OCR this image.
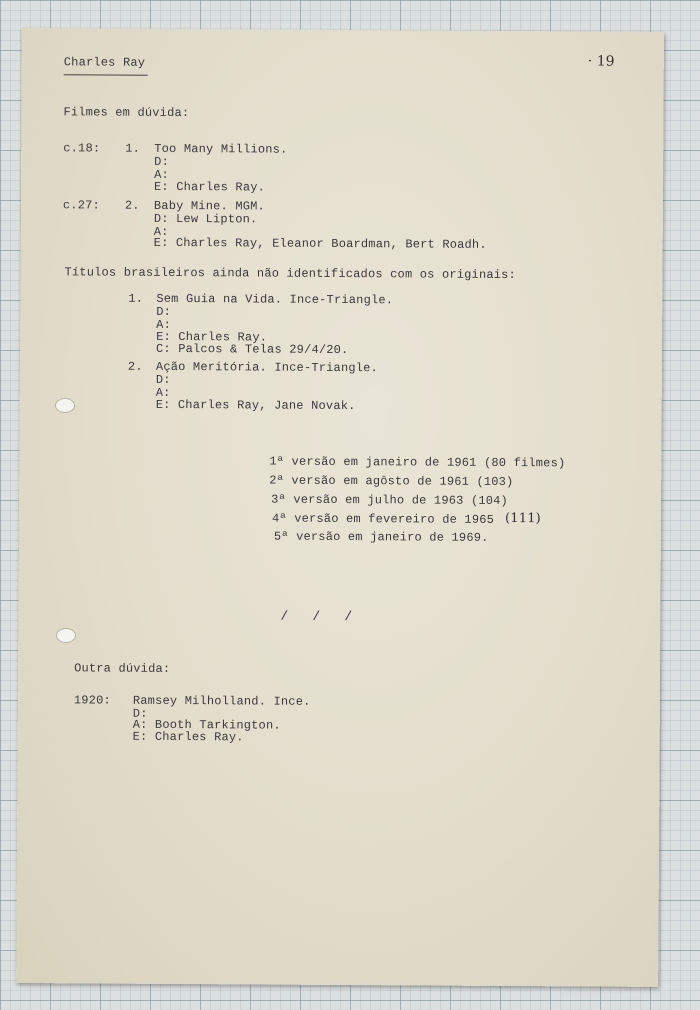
Charles Ray	· 19
Filmes em dúvida:
c.18: 1. Too Many Millions.
D:
A:
E: Charles Ray.
c.27: 2. Baby Mine. MGM.
D: Lew Lipton.
A:
E: Charles Ray, Eleanor Boardman, Bert Roadh.
Títulos brasileiros ainda não identificados com os originais:
1. Sem Guia na Vida. Ince-Triangle.
D:
A:
E: Charles Ray.
C: Palcos & Telas 29/4/20.
2. Ação Meritória. Ince-Triangle.
D:
A:
E: Charles Ray, Jane Novak.
1ª versão em janeiro de 1961 (80 filmes)
2ª versão em agôsto de 1961 (103)
3ª versão em julho de 1963 (104)
4ª versão em fevereiro de 1965 (111)
5ª versão em janeiro de 1969.
/   /   /
Outra dúvida:
1920: Ramsey Milholland. Ince.
D:
A: Booth Tarkington.
E: Charles Ray.
